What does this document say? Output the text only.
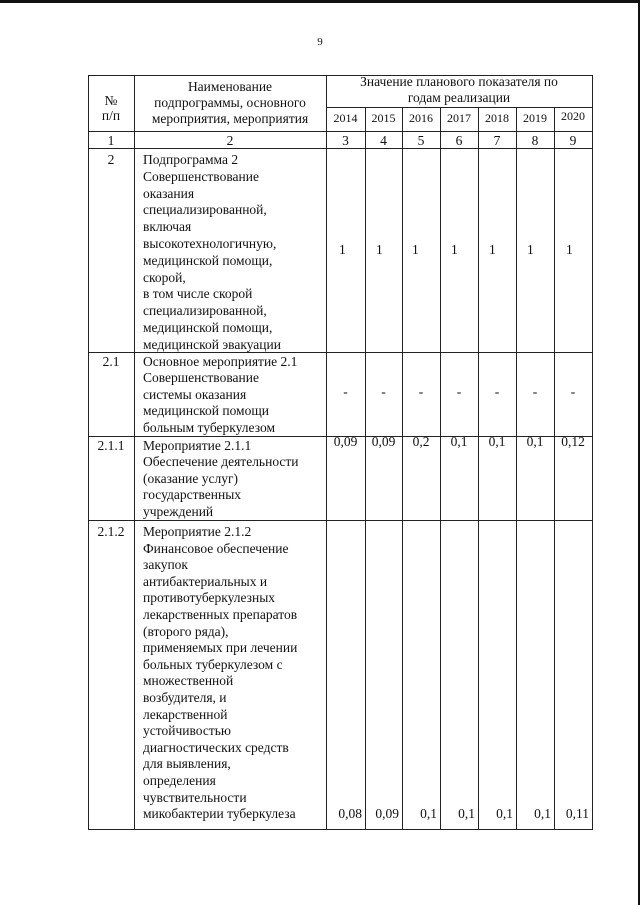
9
№
п/п
Наименование
подпрограммы, основного
мероприятия, мероприятия
Значение планового показателя по
годам реализации
2014	2015	2016	2017	2018	2019	2020
1	2	3	4	5	6	7	8	9
2	Подпрограмма 2
Совершенствование
оказания
специализированной,
включая
высокотехнологичную,
медицинской помощи,
скорой,
в том числе скорой
специализированной,
медицинской помощи,
медицинской эвакуации
1 1 1 1 1 1 1
2.1	Основное мероприятие 2.1
Совершенствование
системы оказания
медицинской помощи
больным туберкулезом
-	-	-	-	-	-	-
2.1.1	Мероприятие 2.1.1
Обеспечение деятельности
(оказание услуг)
государственных
учреждений
0,09	0,09	0,2	0,1	0,1	0,1	0,12
2.1.2	Мероприятие 2.1.2
Финансовое обеспечение
закупок
антибактериальных и
противотуберкулезных
лекарственных препаратов
(второго ряда),
применяемых при лечении
больных туберкулезом с
множественной
возбудителя, и
лекарственной
устойчивостью
диагностических средств
для выявления,
определения
чувствительности
микобактерии туберкулеза	0,08 0,09	0,1	0,1	0,1	0,1	0,11
